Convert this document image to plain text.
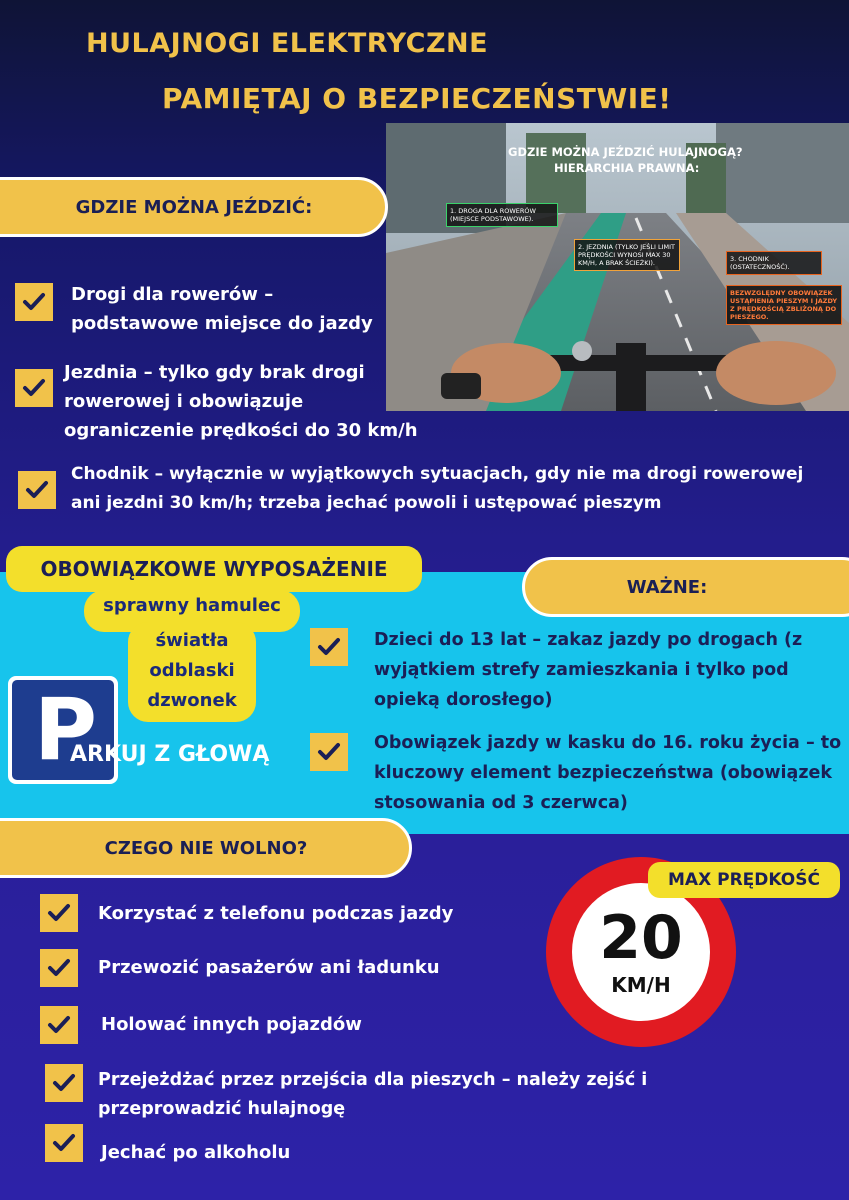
HULAJNOGI ELEKTRYCZNE
PAMIĘTAJ O BEZPIECZEŃSTWIE!
GDZIE MOŻNA JEŹDZIĆ HULAJNOGĄ?
HIERARCHIA PRAWNA:
1. DROGA DLA ROWERÓW (MIEJSCE PODSTAWOWE).
2. JEZDNIA (TYLKO JEŚLI LIMIT PRĘDKOŚCI WYNOSI MAX 30 KM/H, A BRAK ŚCIEŻKI).	3. CHODNIK (OSTATECZNOŚĆ).
BEZWZGLĘDNY OBOWIĄZEK USTĄPIENIA PIESZYM I JAZDY Z PRĘDKOŚCIĄ ZBLIŻONĄ DO PIESZEGO.
GDZIE MOŻNA JEŹDZIĆ:
Drogi dla rowerów – podstawowe miejsce do jazdy
Jezdnia – tylko gdy brak drogi rowerowej i obowiązuje ograniczenie prędkości do 30 km/h
Chodnik – wyłącznie w wyjątkowych sytuacjach, gdy nie ma drogi rowerowej ani jezdni 30 km/h; trzeba jechać powoli i ustępować pieszym
OBOWIĄZKOWE WYPOSAŻENIE
sprawny hamulec
światła
odblaski
dzwonek
P
ARKUJ Z GŁOWĄ
WAŻNE:
Dzieci do 13 lat – zakaz jazdy po drogach (z wyjątkiem strefy zamieszkania i tylko pod opieką dorosłego)
Obowiązek jazdy w kasku do 16. roku życia – to kluczowy element bezpieczeństwa (obowiązek stosowania od 3 czerwca)
CZEGO NIE WOLNO?
Korzystać z telefonu podczas jazdy
Przewozić pasażerów ani ładunku
Holować innych pojazdów
Przejeżdżać przez przejścia dla pieszych – należy zejść i przeprowadzić hulajnogę
Jechać po alkoholu
20
KM/H
MAX PRĘDKOŚĆ
